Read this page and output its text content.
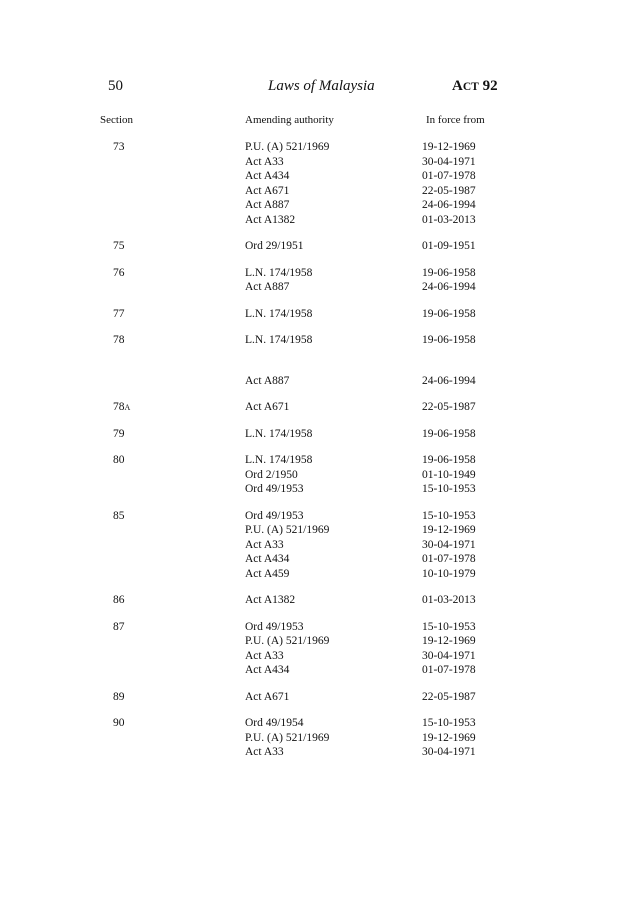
50	Laws of Malaysia	ACT 92
Section	Amending authority	In force from
73	P.U. (A) 521/1969	19-12-1969
Act A33	30-04-1971
Act A434	01-07-1978
Act A671	22-05-1987
Act A887	24-06-1994
Act A1382	01-03-2013
75	Ord 29/1951	01-09-1951
76	L.N. 174/1958	19-06-1958
Act A887	24-06-1994
77	L.N. 174/1958	19-06-1958
78	L.N. 174/1958	19-06-1958
Act A887	24-06-1994
78A	Act A671	22-05-1987
79	L.N. 174/1958	19-06-1958
80	L.N. 174/1958	19-06-1958
Ord 2/1950	01-10-1949
Ord 49/1953	15-10-1953
85	Ord 49/1953	15-10-1953
P.U. (A) 521/1969	19-12-1969
Act A33	30-04-1971
Act A434	01-07-1978
Act A459	10-10-1979
86	Act A1382	01-03-2013
87	Ord 49/1953	15-10-1953
P.U. (A) 521/1969	19-12-1969
Act A33	30-04-1971
Act A434	01-07-1978
89	Act A671	22-05-1987
90	Ord 49/1954	15-10-1953
P.U. (A) 521/1969	19-12-1969
Act A33	30-04-1971
